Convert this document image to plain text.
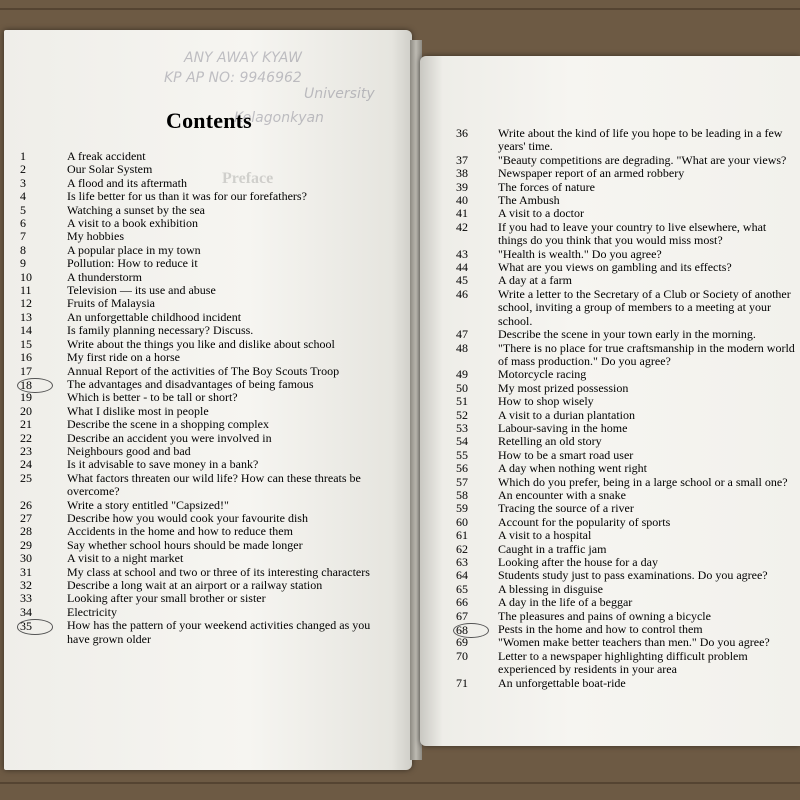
ANY AWAY KYAW
KP AP NO: 9946962
University
Kelagonkyan
Preface
Contents
1	A freak accident
2	Our Solar System
3	A flood and its aftermath
4	Is life better for us than it was for our forefathers?
5	Watching a sunset by the sea
6	A visit to a book exhibition
7	My hobbies
8	A popular place in my town
9	Pollution: How to reduce it
10	A thunderstorm
11	Television — its use and abuse
12	Fruits of Malaysia
13	An unforgettable childhood incident
14	Is family planning necessary? Discuss.
15	Write about the things you like and dislike about school
16	My first ride on a horse
17	Annual Report of the activities of The Boy Scouts Troop
18	The advantages and disadvantages of being famous
19	Which is better - to be tall or short?
20	What I dislike most in people
21	Describe the scene in a shopping complex
22	Describe an accident you were involved in
23	Neighbours good and bad
24	Is it advisable to save money in a bank?
25	What factors threaten our wild life? How can these threats be overcome?
26	Write a story entitled "Capsized!"
27	Describe how you would cook your favourite dish
28	Accidents in the home and how to reduce them
29	Say whether school hours should be made longer
30	A visit to a night market
31	My class at school and two or three of its interesting characters
32	Describe a long wait at an airport or a railway station
33	Looking after your small brother or sister
34	Electricity
35	How has the pattern of your weekend activities changed as you have grown older
36	Write about the kind of life you hope to be leading in a few years' time.
37	"Beauty competitions are degrading. "What are your views?
38	Newspaper report of an armed robbery
39	The forces of nature
40	The Ambush
41	A visit to a doctor
42	If you had to leave your country to live elsewhere, what things do you think that you would miss most?
43	"Health is wealth." Do you agree?
44	What are you views on gambling and its effects?
45	A day at a farm
46	Write a letter to the Secretary of a Club or Society of another school, inviting a group of members to a meeting at your school.
47	Describe the scene in your town early in the morning.
48	"There is no place for true craftsmanship in the modern world of mass production." Do you agree?
49	Motorcycle racing
50	My most prized possession
51	How to shop wisely
52	A visit to a durian plantation
53	Labour-saving in the home
54	Retelling an old story
55	How to be a smart road user
56	A day when nothing went right
57	Which do you prefer, being in a large school or a small one?
58	An encounter with a snake
59	Tracing the source of a river
60	Account for the popularity of sports
61	A visit to a hospital
62	Caught in a traffic jam
63	Looking after the house for a day
64	Students study just to pass examinations. Do you agree?
65	A blessing in disguise
66	A day in the life of a beggar
67	The pleasures and pains of owning a bicycle
68	Pests in the home and how to control them
69	"Women make better teachers than men." Do you agree?
70	Letter to a newspaper highlighting difficult problem experienced by residents in your area
71	An unforgettable boat-ride
